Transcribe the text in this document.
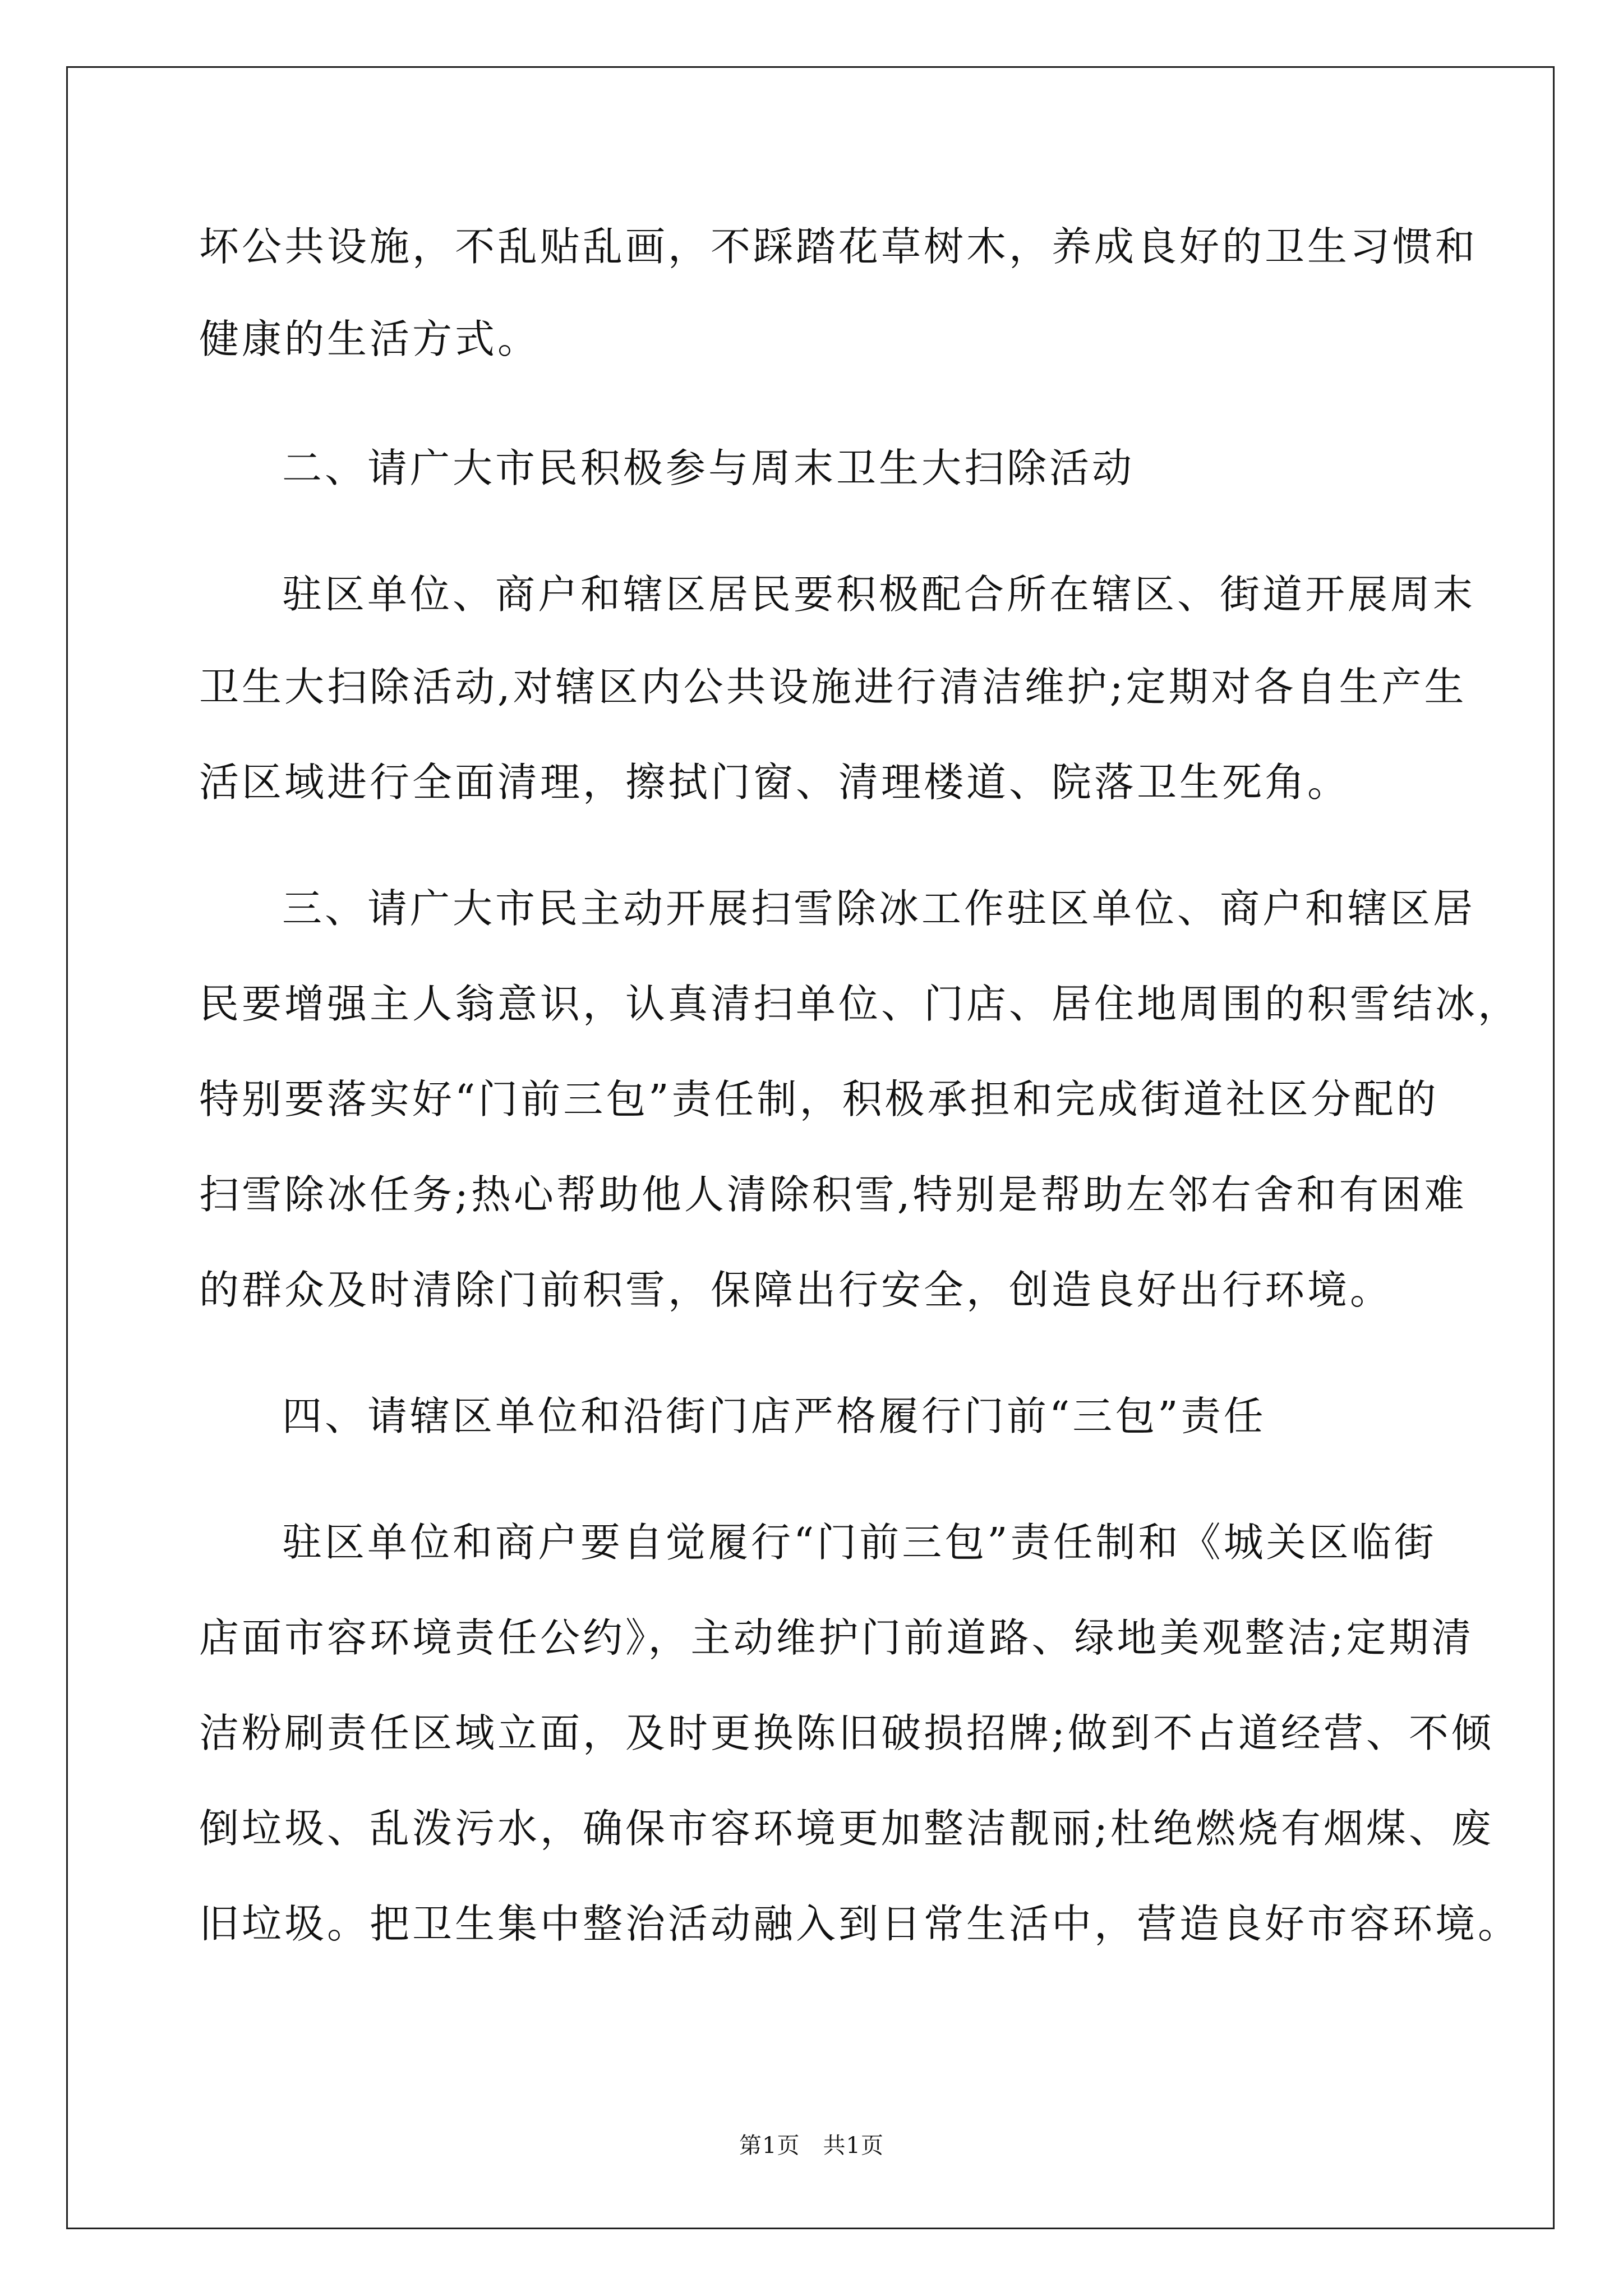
坏公共设施，不乱贴乱画，不踩踏花草树木，养成良好的卫生习惯和
健康的生活方式。
二、请广大市民积极参与周末卫生大扫除活动
驻区单位、商户和辖区居民要积极配合所在辖区、街道开展周末
卫生大扫除活动,对辖区内公共设施进行清洁维护;定期对各自生产生
活区域进行全面清理，擦拭门窗、清理楼道、院落卫生死角。
三、请广大市民主动开展扫雪除冰工作驻区单位、商户和辖区居
民要增强主人翁意识，认真清扫单位、门店、居住地周围的积雪结冰，
特别要落实好“门前三包”责任制，积极承担和完成街道社区分配的
扫雪除冰任务;热心帮助他人清除积雪,特别是帮助左邻右舍和有困难
的群众及时清除门前积雪，保障出行安全，创造良好出行环境。
四、请辖区单位和沿街门店严格履行门前“三包”责任
驻区单位和商户要自觉履行“门前三包”责任制和《城关区临街
店面市容环境责任公约》，主动维护门前道路、绿地美观整洁;定期清
洁粉刷责任区域立面，及时更换陈旧破损招牌;做到不占道经营、不倾
倒垃圾、乱泼污水，确保市容环境更加整洁靓丽;杜绝燃烧有烟煤、废
旧垃圾。把卫生集中整治活动融入到日常生活中，营造良好市容环境。
第1页　共1页
